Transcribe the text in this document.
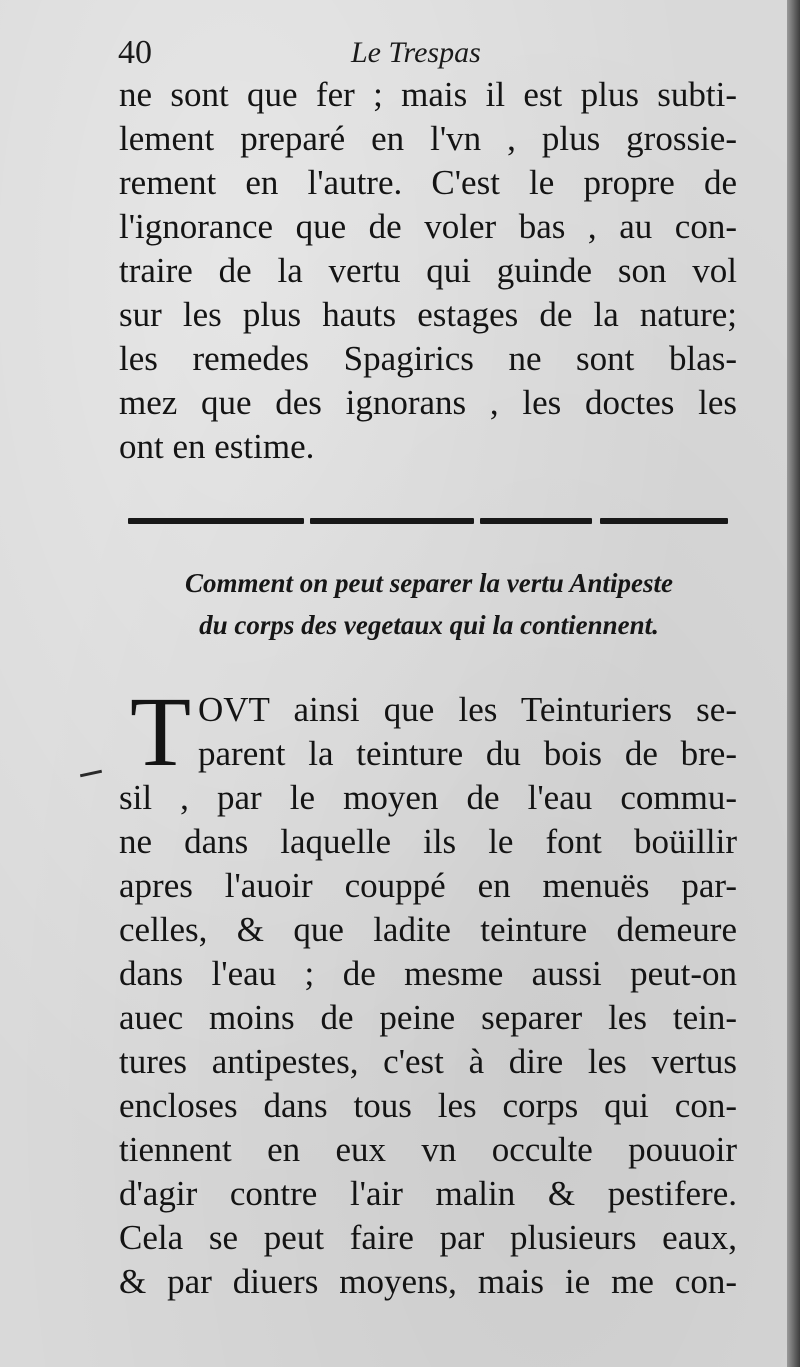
40	Le Trespas
ne sont que fer ; mais il est plus subti-
lement preparé en l'vn , plus grossie-
rement en l'autre. C'est le propre de
l'ignorance que de voler bas , au con-
traire de la vertu qui guinde son vol
sur les plus hauts estages de la nature;
les remedes Spagirics ne sont blas-
mez que des ignorans , les doctes les
ont en estime.
Comment on peut separer la vertu Antipeste
du corps des vegetaux qui la contiennent.
T OVT ainsi que les Teinturiers se-
parent la teinture du bois de bre-
sil , par le moyen de l'eau commu-
ne dans laquelle ils le font boüillir
apres l'auoir couppé en menuës par-
celles, & que ladite teinture demeure
dans l'eau ; de mesme aussi peut-on
auec moins de peine separer les tein-
tures antipestes, c'est à dire les vertus
encloses dans tous les corps qui con-
tiennent en eux vn occulte pouuoir
d'agir contre l'air malin & pestifere.
Cela se peut faire par plusieurs eaux,
& par diuers moyens, mais ie me con-
